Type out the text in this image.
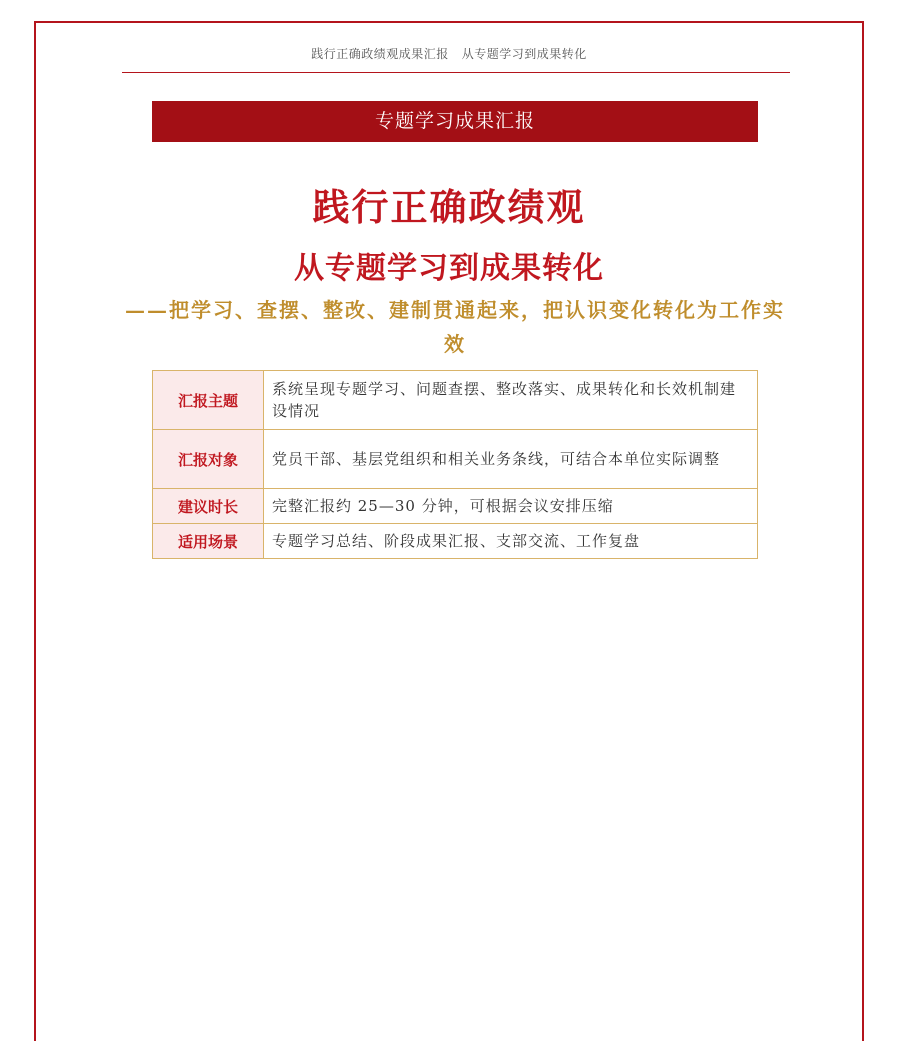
践行正确政绩观成果汇报   从专题学习到成果转化
专题学习成果汇报
践行正确政绩观
从专题学习到成果转化
——把学习、查摆、整改、建制贯通起来，把认识变化转化为工作实效
汇报主题	系统呈现专题学习、问题查摆、整改落实、成果转化和长效机制建设情况
汇报对象	党员干部、基层党组织和相关业务条线，可结合本单位实际调整
建议时长	完整汇报约 25—30 分钟，可根据会议安排压缩
适用场景	专题学习总结、阶段成果汇报、支部交流、工作复盘
